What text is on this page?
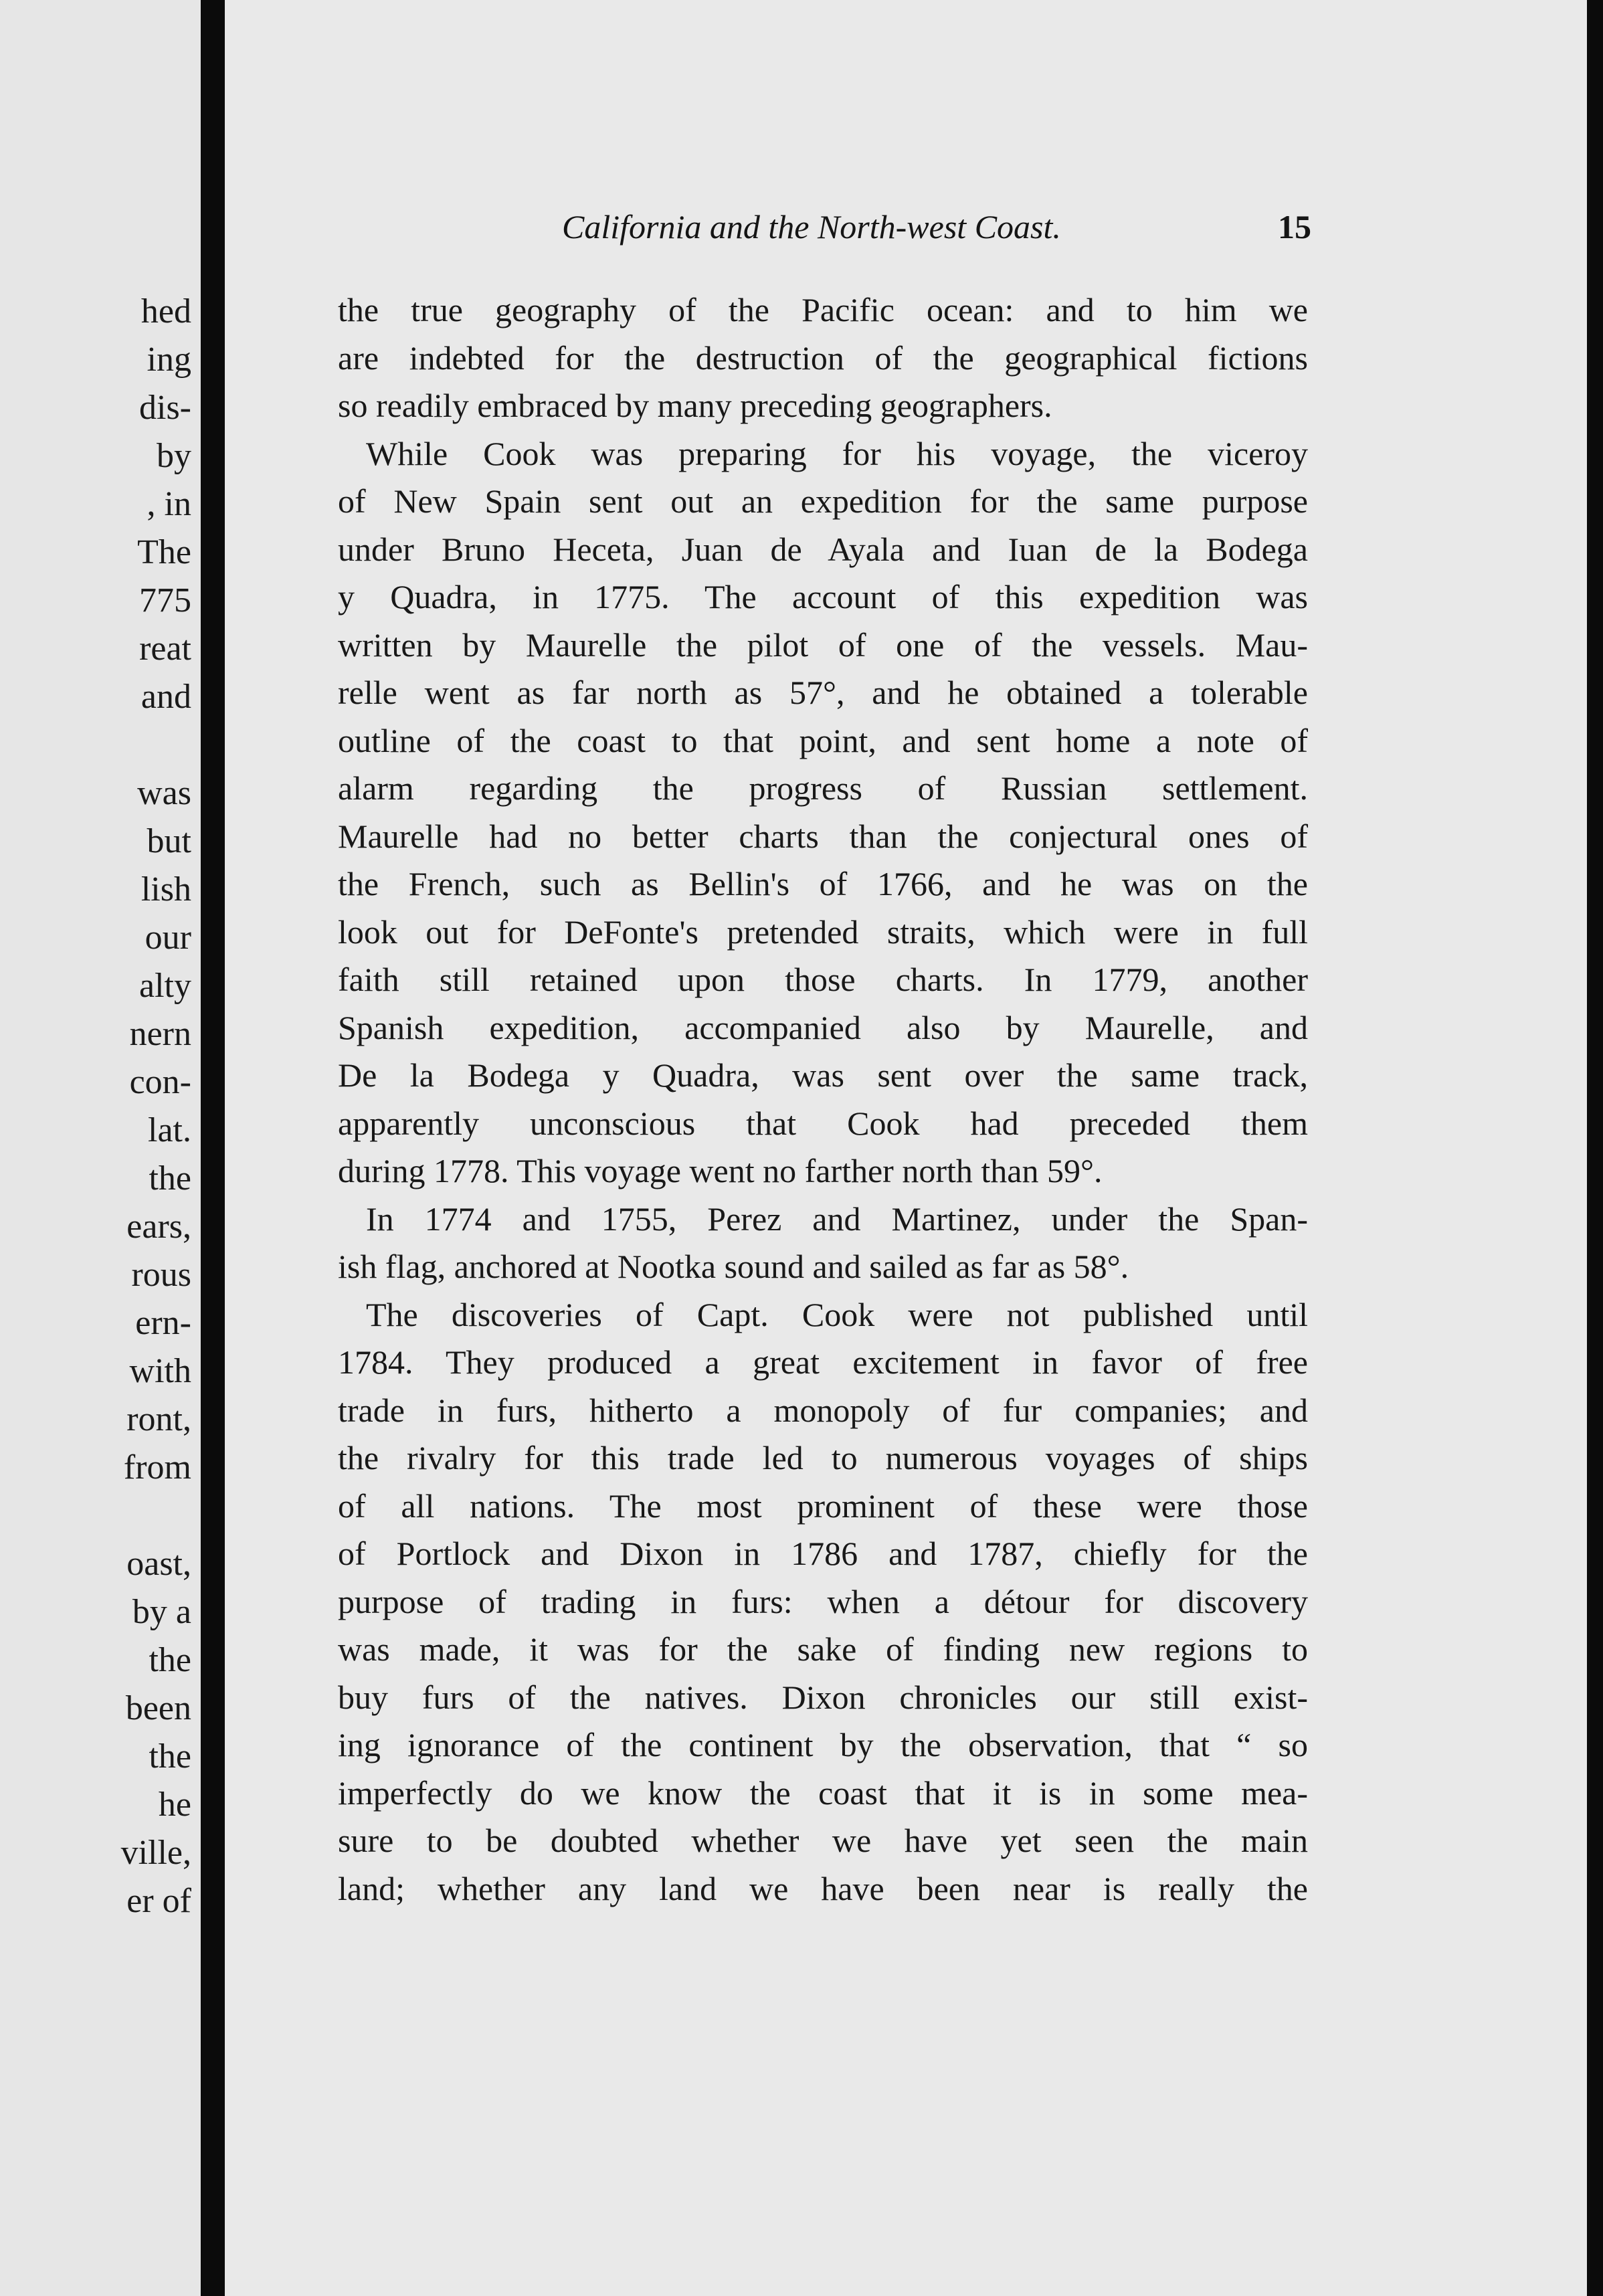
hed
ing
dis-
by
, in
The
775
reat
and

was
but
lish
our
alty
nern
con-
lat.
the
ears,
rous
ern-
with
ront,
from

oast,
by a
the
been
the
he
ville,
er of
California and the North-west Coast.	15
the true geography of the Pacific ocean: and to him we
are indebted for the destruction of the geographical fictions
so readily embraced by many preceding geographers.
While Cook was preparing for his voyage, the viceroy
of New Spain sent out an expedition for the same purpose
under Bruno Heceta, Juan de Ayala and Iuan de la Bodega
y Quadra, in 1775. The account of this expedition was
written by Maurelle the pilot of one of the vessels. Mau-
relle went as far north as 57°, and he obtained a tolerable
outline of the coast to that point, and sent home a note of
alarm regarding the progress of Russian settlement.
Maurelle had no better charts than the conjectural ones of
the French, such as Bellin's of 1766, and he was on the
look out for DeFonte's pretended straits, which were in full
faith still retained upon those charts. In 1779, another
Spanish expedition, accompanied also by Maurelle, and
De la Bodega y Quadra, was sent over the same track,
apparently unconscious that Cook had preceded them
during 1778. This voyage went no farther north than 59°.
In 1774 and 1755, Perez and Martinez, under the Span-
ish flag, anchored at Nootka sound and sailed as far as 58°.
The discoveries of Capt. Cook were not published until
1784. They produced a great excitement in favor of free
trade in furs, hitherto a monopoly of fur companies; and
the rivalry for this trade led to numerous voyages of ships
of all nations. The most prominent of these were those
of Portlock and Dixon in 1786 and 1787, chiefly for the
purpose of trading in furs: when a détour for discovery
was made, it was for the sake of finding new regions to
buy furs of the natives. Dixon chronicles our still exist-
ing ignorance of the continent by the observation, that “ so
imperfectly do we know the coast that it is in some mea-
sure to be doubted whether we have yet seen the main
land; whether any land we have been near is really the
